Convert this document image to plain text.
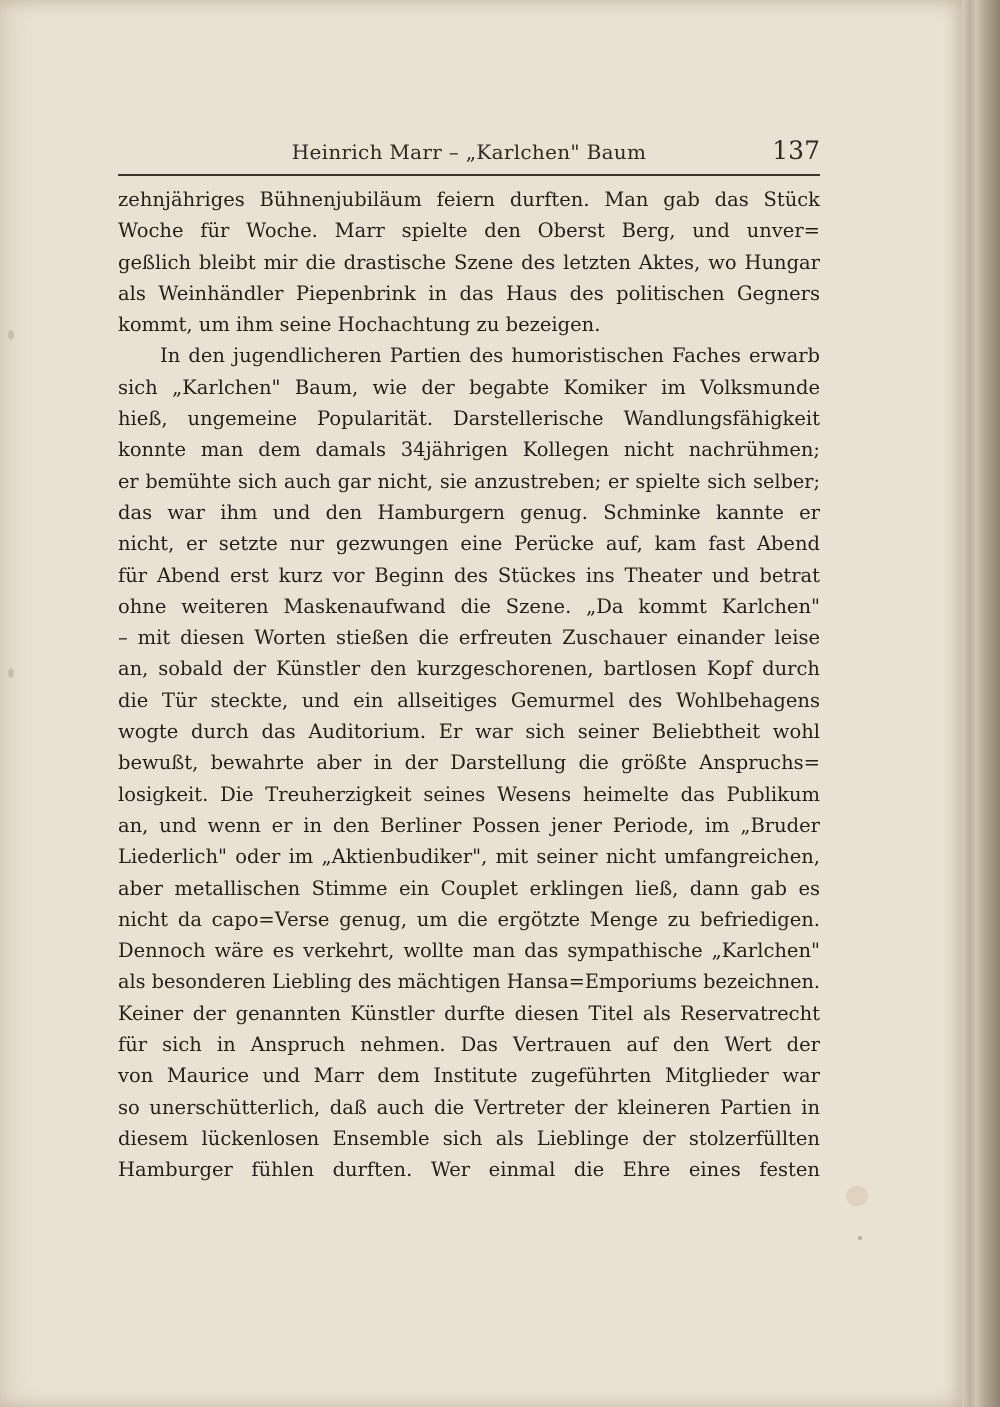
Heinrich Marr – „Karlchen" Baum	137
zehnjähriges Bühnenjubiläum feiern durften. Man gab das Stück
Woche für Woche. Marr spielte den Oberst Berg, und unver=
geßlich bleibt mir die drastische Szene des letzten Aktes, wo Hungar
als Weinhändler Piepenbrink in das Haus des politischen Gegners
kommt, um ihm seine Hochachtung zu bezeigen.
In den jugendlicheren Partien des humoristischen Faches erwarb
sich „Karlchen" Baum, wie der begabte Komiker im Volksmunde
hieß, ungemeine Popularität. Darstellerische Wandlungsfähigkeit
konnte man dem damals 34jährigen Kollegen nicht nachrühmen;
er bemühte sich auch gar nicht, sie anzustreben; er spielte sich selber;
das war ihm und den Hamburgern genug. Schminke kannte er
nicht, er setzte nur gezwungen eine Perücke auf, kam fast Abend
für Abend erst kurz vor Beginn des Stückes ins Theater und betrat
ohne weiteren Maskenaufwand die Szene. „Da kommt Karlchen"
– mit diesen Worten stießen die erfreuten Zuschauer einander leise
an, sobald der Künstler den kurzgeschorenen, bartlosen Kopf durch
die Tür steckte, und ein allseitiges Gemurmel des Wohlbehagens
wogte durch das Auditorium. Er war sich seiner Beliebtheit wohl
bewußt, bewahrte aber in der Darstellung die größte Anspruchs=
losigkeit. Die Treuherzigkeit seines Wesens heimelte das Publikum
an, und wenn er in den Berliner Possen jener Periode, im „Bruder
Liederlich" oder im „Aktienbudiker", mit seiner nicht umfangreichen,
aber metallischen Stimme ein Couplet erklingen ließ, dann gab es
nicht da capo=Verse genug, um die ergötzte Menge zu befriedigen.
Dennoch wäre es verkehrt, wollte man das sympathische „Karlchen"
als besonderen Liebling des mächtigen Hansa=Emporiums bezeichnen.
Keiner der genannten Künstler durfte diesen Titel als Reservatrecht
für sich in Anspruch nehmen. Das Vertrauen auf den Wert der
von Maurice und Marr dem Institute zugeführten Mitglieder war
so unerschütterlich, daß auch die Vertreter der kleineren Partien in
diesem lückenlosen Ensemble sich als Lieblinge der stolzerfüllten
Hamburger fühlen durften. Wer einmal die Ehre eines festen
